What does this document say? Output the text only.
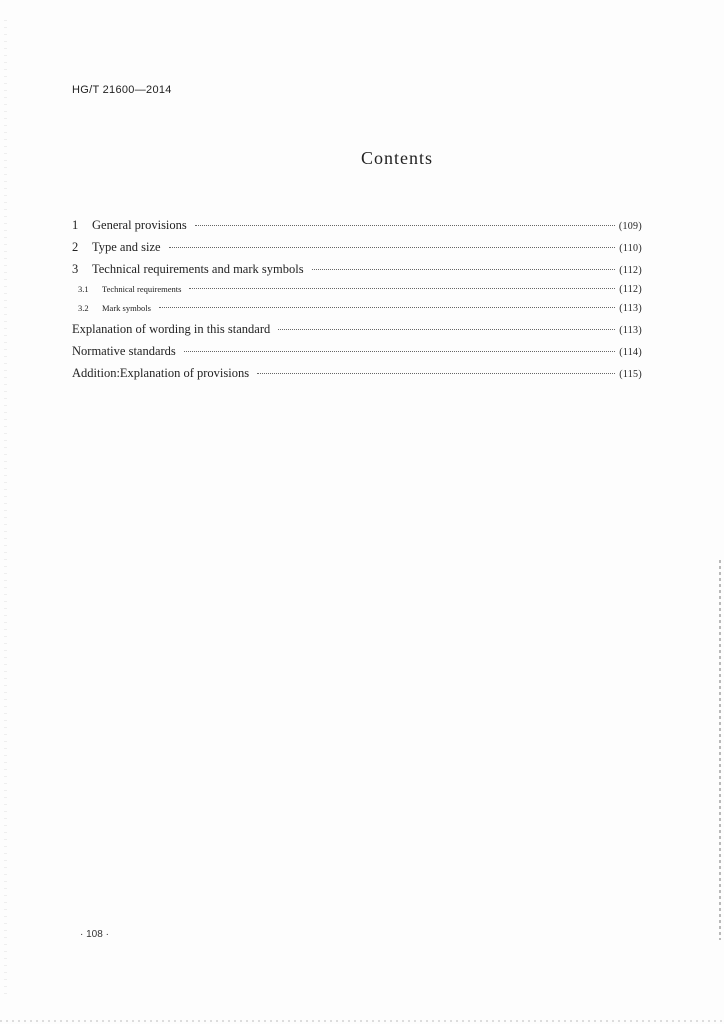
HG/T 21600—2014
Contents
1	General provisions	(109)
2	Type and size	(110)
3	Technical requirements and mark symbols	(112)
3.1	Technical requirements	(112)
3.2	Mark symbols	(113)
Explanation of wording in this standard	(113)
Normative standards	(114)
Addition:Explanation of provisions	(115)
· 108 ·
